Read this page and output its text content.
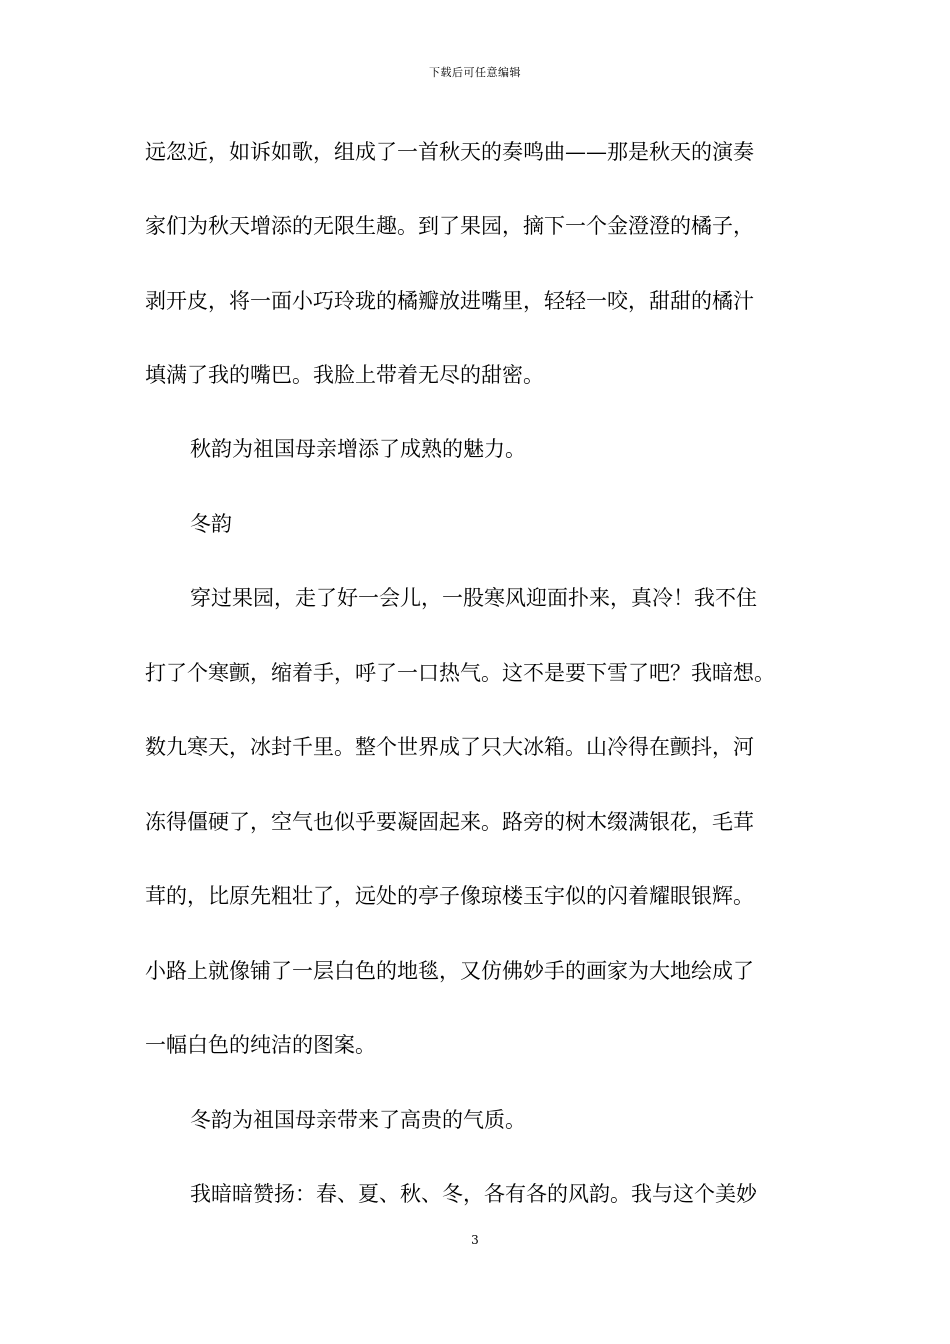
下载后可任意编辑
远忽近，如诉如歌，组成了一首秋天的奏鸣曲——那是秋天的演奏
家们为秋天增添的无限生趣。到了果园，摘下一个金澄澄的橘子，
剥开皮，将一面小巧玲珑的橘瓣放进嘴里，轻轻一咬，甜甜的橘汁
填满了我的嘴巴。我脸上带着无尽的甜密。
秋韵为祖国母亲增添了成熟的魅力。
冬韵
穿过果园，走了好一会儿，一股寒风迎面扑来，真冷！我不住
打了个寒颤，缩着手，呼了一口热气。这不是要下雪了吧？我暗想。
数九寒天，冰封千里。整个世界成了只大冰箱。山冷得在颤抖，河
冻得僵硬了，空气也似乎要凝固起来。路旁的树木缀满银花，毛茸
茸的，比原先粗壮了，远处的亭子像琼楼玉宇似的闪着耀眼银辉。
小路上就像铺了一层白色的地毯，又仿佛妙手的画家为大地绘成了
一幅白色的纯洁的图案。
冬韵为祖国母亲带来了高贵的气质。
我暗暗赞扬：春、夏、秋、冬，各有各的风韵。我与这个美妙
3
